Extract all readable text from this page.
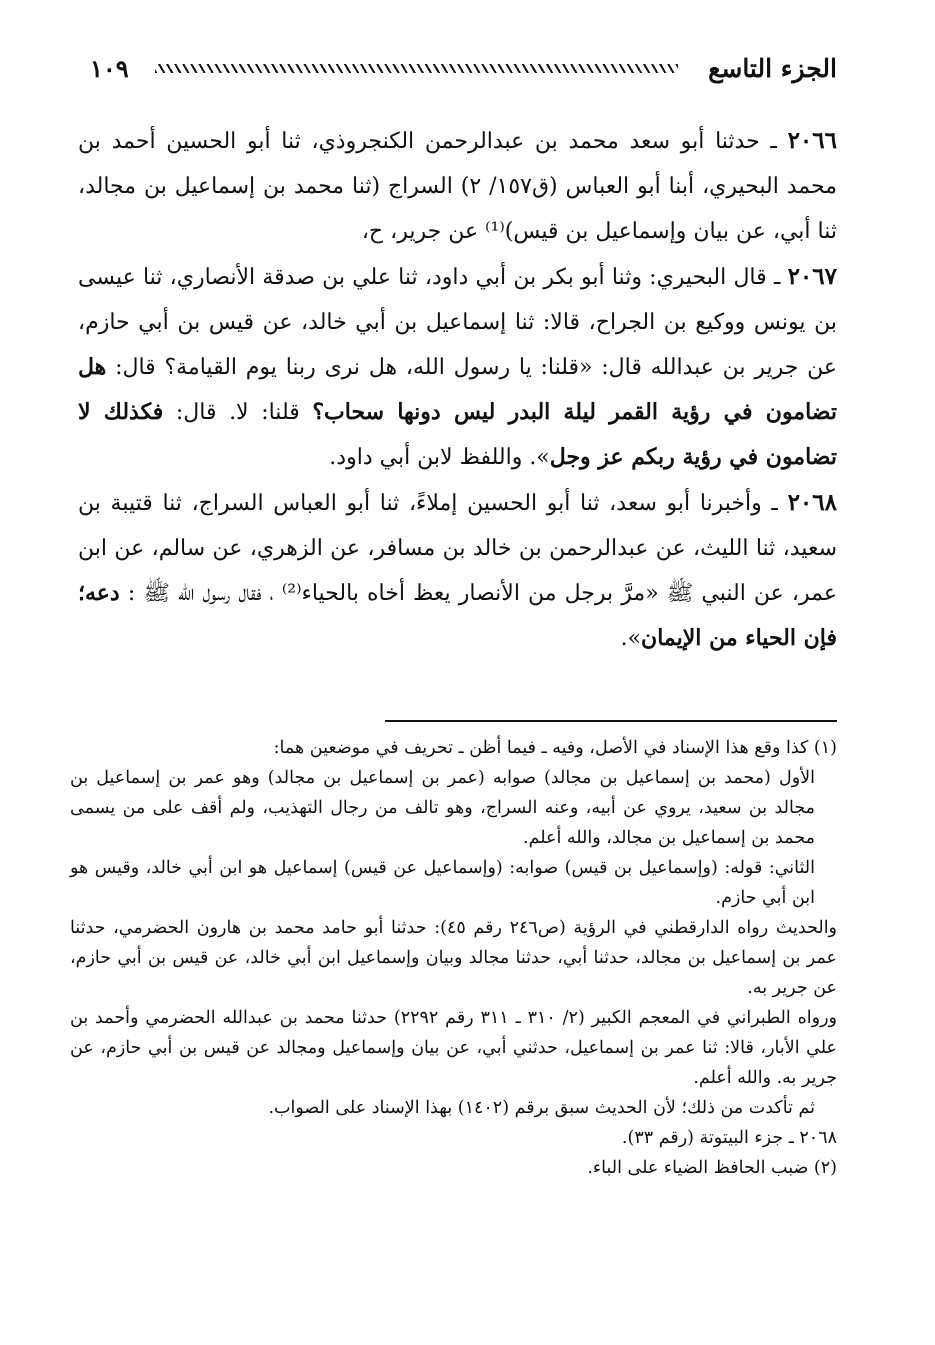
الجزء التاسع
١٠٩

٢٠٦٦ ـ حدثنا أبو سعد محمد بن عبدالرحمن الكنجروذي، ثنا أبو الحسين أحمد بن محمد البحيري، أبنا أبو العباس (ق١٥٧/ ٢) السراج (ثنا محمد بن إسماعيل بن مجالد، ثنا أبي، عن بيان وإسماعيل بن قيس)⁽¹⁾ عن جرير، ح،

٢٠٦٧ ـ قال البحيري: وثنا أبو بكر بن أبي داود، ثنا علي بن صدقة الأنصاري، ثنا عيسى بن يونس ووكيع بن الجراح، قالا: ثنا إسماعيل بن أبي خالد، عن قيس بن أبي حازم، عن جرير بن عبدالله قال: «قلنا: يا رسول الله، هل نرى ربنا يوم القيامة؟ قال: هل تضامون في رؤية القمر ليلة البدر ليس دونها سحاب؟ قلنا: لا. قال: فكذلك لا تضامون في رؤية ربكم عز وجل». واللفظ لابن أبي داود.

٢٠٦٨ ـ وأخبرنا أبو سعد، ثنا أبو الحسين إملاءً، ثنا أبو العباس السراج، ثنا قتيبة بن سعيد، ثنا الليث، عن عبدالرحمن بن خالد بن مسافر، عن الزهري، عن سالم، عن ابن عمر، عن النبي ﷺ «مرَّ برجل من الأنصار يعظ أخاه بالحياء⁽²⁾ ، فقال رسول الله ﷺ : دعه؛ فإن الحياء من الإيمان».

(١) كذا وقع هذا الإسناد في الأصل، وفيه ـ فيما أظن ـ تحريف في موضعين هما:

الأول (محمد بن إسماعيل بن مجالد) صوابه (عمر بن إسماعيل بن مجالد) وهو عمر بن إسماعيل بن مجالد بن سعيد، يروي عن أبيه، وعنه السراج، وهو تالف من رجال التهذيب، ولم أقف على من يسمى محمد بن إسماعيل بن مجالد، والله أعلم.

الثاني: قوله: (وإسماعيل بن قيس) صوابه: (وإسماعيل عن قيس) إسماعيل هو ابن أبي خالد، وقيس هو ابن أبي حازم.

والحديث رواه الدارقطني في الرؤية (ص٢٤٦ رقم ٤٥): حدثنا أبو حامد محمد بن هارون الحضرمي، حدثنا عمر بن إسماعيل بن مجالد، حدثنا أبي، حدثنا مجالد وبيان وإسماعيل ابن أبي خالد، عن قيس بن أبي حازم، عن جرير به.

ورواه الطبراني في المعجم الكبير (٢/ ٣١٠ ـ ٣١١ رقم ٢٢٩٢) حدثنا محمد بن عبدالله الحضرمي وأحمد بن علي الأبار، قالا: ثنا عمر بن إسماعيل، حدثني أبي، عن بيان وإسماعيل ومجالد عن قيس بن أبي حازم، عن جرير به. والله أعلم.

ثم تأكدت من ذلك؛ لأن الحديث سبق برقم (١٤٠٢) بهذا الإسناد على الصواب.

٢٠٦٨ ـ جزء البيتوتة (رقم ٣٣).

(٢) ضبب الحافظ الضياء على الباء.
